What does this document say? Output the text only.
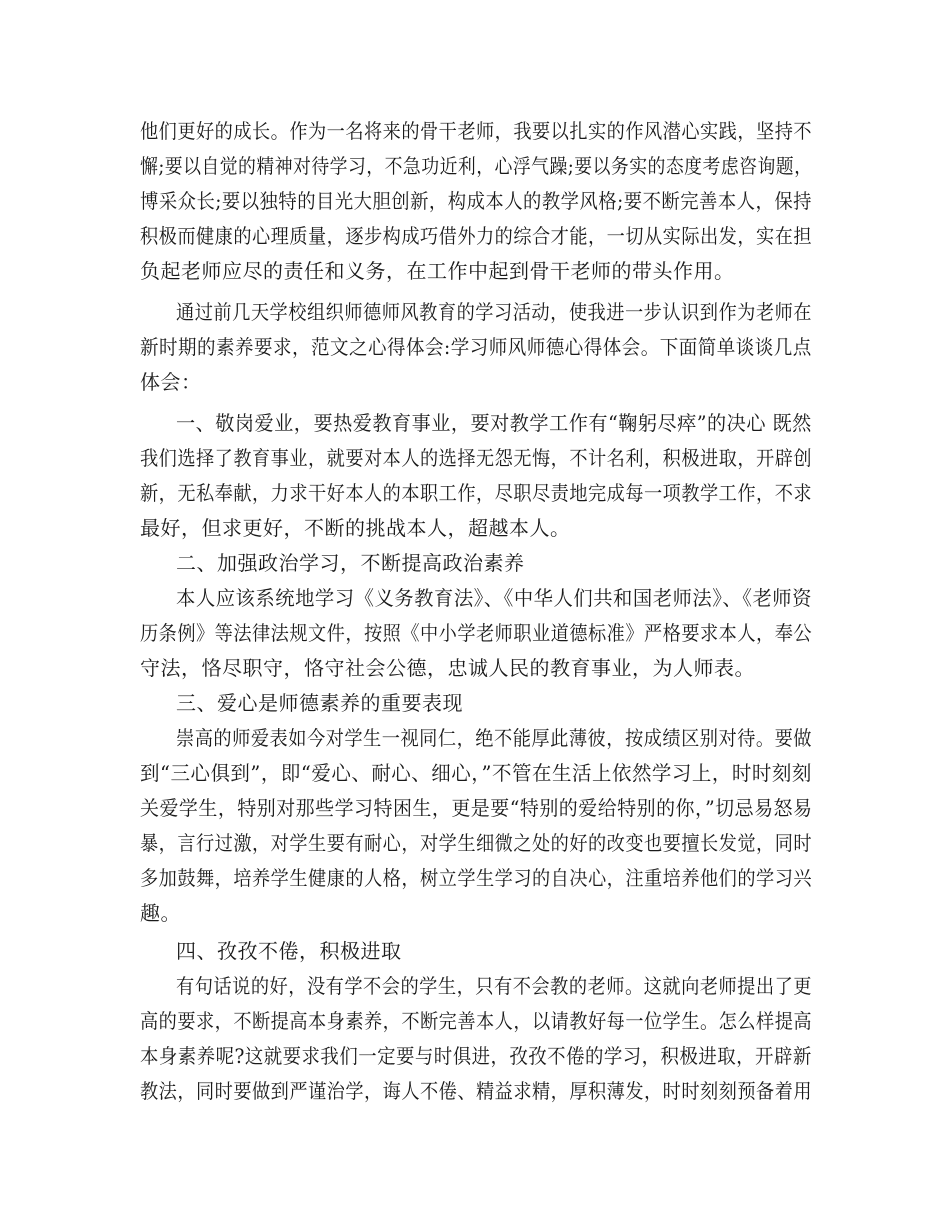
他们更好的成长。作为一名将来的骨干老师，我要以扎实的作风潜心实践，坚持不
懈;要以自觉的精神对待学习，不急功近利，心浮气躁;要以务实的态度考虑咨询题，
博采众长;要以独特的目光大胆创新，构成本人的教学风格;要不断完善本人，保持
积极而健康的心理质量，逐步构成巧借外力的综合才能，一切从实际出发，实在担
负起老师应尽的责任和义务，在工作中起到骨干老师的带头作用。
通过前几天学校组织师德师风教育的学习活动，使我进一步认识到作为老师在
新时期的素养要求，范文之心得体会:学习师风师德心得体会。下面简单谈谈几点
体会：
一、敬岗爱业，要热爱教育事业，要对教学工作有“鞠躬尽瘁”的决心 既然
我们选择了教育事业，就要对本人的选择无怨无悔，不计名利，积极进取，开辟创
新，无私奉献，力求干好本人的本职工作，尽职尽责地完成每一项教学工作，不求
最好，但求更好，不断的挑战本人，超越本人。
二、加强政治学习，不断提高政治素养
本人应该系统地学习《义务教育法》、《中华人们共和国老师法》、《老师资
历条例》等法律法规文件，按照《中小学老师职业道德标准》严格要求本人，奉公
守法，恪尽职守，恪守社会公德，忠诚人民的教育事业，为人师表。
三、爱心是师德素养的重要表现
崇高的师爱表如今对学生一视同仁，绝不能厚此薄彼，按成绩区别对待。要做
到“三心俱到”，即“爱心、耐心、细心，”不管在生活上依然学习上，时时刻刻
关爱学生，特别对那些学习特困生，更是要“特别的爱给特别的你，”切忌易怒易
暴，言行过激，对学生要有耐心，对学生细微之处的好的改变也要擅长发觉，同时
多加鼓舞，培养学生健康的人格，树立学生学习的自决心，注重培养他们的学习兴
趣。
四、孜孜不倦，积极进取
有句话说的好，没有学不会的学生，只有不会教的老师。这就向老师提出了更
高的要求，不断提高本身素养，不断完善本人，以请教好每一位学生。怎么样提高
本身素养呢?这就要求我们一定要与时俱进，孜孜不倦的学习，积极进取，开辟新
教法，同时要做到严谨治学，诲人不倦、精益求精，厚积薄发，时时刻刻预备着用
